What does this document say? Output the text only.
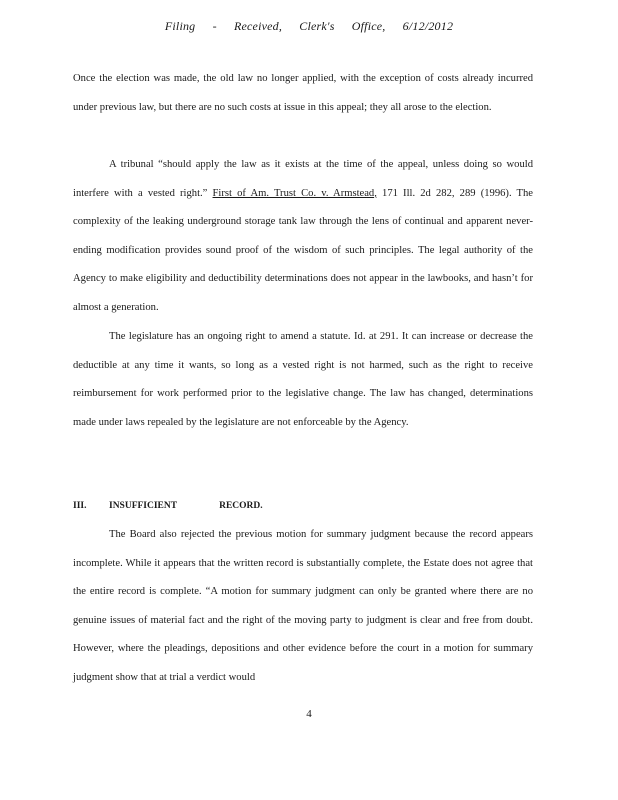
Filing - Received, Clerk's Office, 6/12/2012

Once the election was made, the old law no longer applied, with the exception of costs already incurred under previous law, but there are no such costs at issue in this appeal; they all arose to the election.

A tribunal “should apply the law as it exists at the time of the appeal, unless doing so would interfere with a vested right.” First of Am. Trust Co. v. Armstead, 171 Ill. 2d 282, 289 (1996). The complexity of the leaking underground storage tank law through the lens of continual and apparent never-ending modification provides sound proof of the wisdom of such principles. The legal authority of the Agency to make eligibility and deductibility determinations does not appear in the lawbooks, and hasn’t for almost a generation.

The legislature has an ongoing right to amend a statute. Id. at 291. It can increase or decrease the deductible at any time it wants, so long as a vested right is not harmed, such as the right to receive reimbursement for work performed prior to the legislative change. The law has changed, determinations made under laws repealed by the legislature are not enforceable by the Agency.

III. INSUFFICIENT	RECORD.

The Board also rejected the previous motion for summary judgment because the record appears incomplete. While it appears that the written record is substantially complete, the Estate does not agree that the entire record is complete. “A motion for summary judgment can only be granted where there are no genuine issues of material fact and the right of the moving party to judgment is clear and free from doubt. However, where the pleadings, depositions and other evidence before the court in a motion for summary judgment show that at trial a verdict would

4
